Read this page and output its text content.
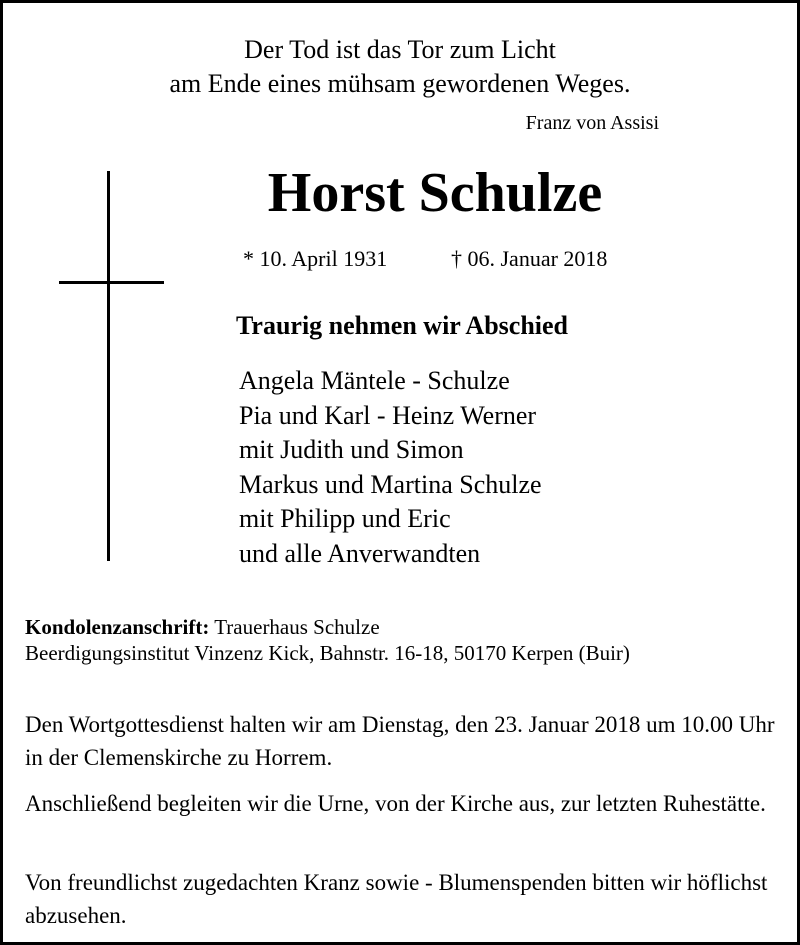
Der Tod ist das Tor zum Licht
am Ende eines mühsam gewordenen Weges.
Franz von Assisi
Horst Schulze
* 10. April 1931	† 06. Januar 2018
Traurig nehmen wir Abschied
Angela Mäntele - Schulze
Pia und Karl - Heinz Werner
mit Judith und Simon
Markus und Martina Schulze
mit Philipp und Eric
und alle Anverwandten
Kondolenzanschrift: Trauerhaus Schulze
Beerdigungsinstitut Vinzenz Kick, Bahnstr. 16-18, 50170 Kerpen (Buir)
Den Wortgottesdienst halten wir am Dienstag, den 23. Januar 2018 um 10.00 Uhr in der Clemenskirche zu Horrem.
Anschließend begleiten wir die Urne, von der Kirche aus, zur letzten Ruhestätte.
Von freundlichst zugedachten Kranz sowie - Blumenspenden bitten wir höflichst abzusehen.
